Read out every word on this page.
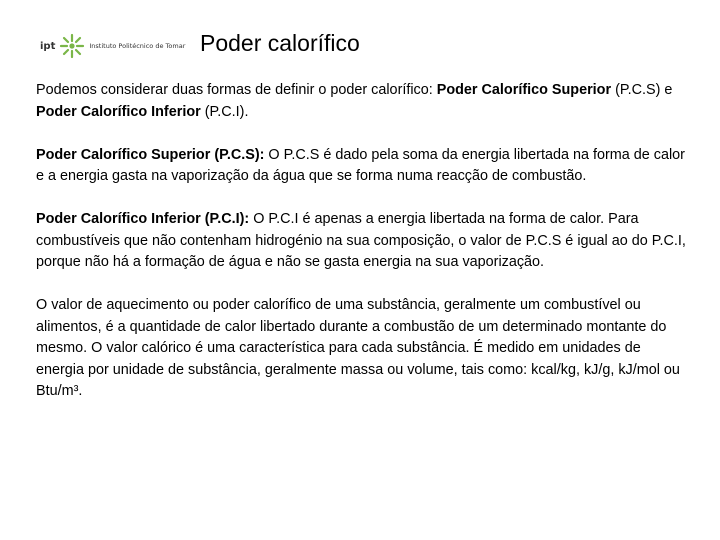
ipt	Instituto Politécnico de Tomar Poder calorífico

Podemos considerar duas formas de definir o poder calorífico: Poder Calorífico Superior (P.C.S) e Poder Calorífico Inferior (P.C.I).

Poder Calorífico Superior (P.C.S): O P.C.S é dado pela soma da energia libertada na forma de calor e a energia gasta na vaporização da água que se forma numa reacção de combustão.

Poder Calorífico Inferior (P.C.I): O P.C.I é apenas a energia libertada na forma de calor. Para combustíveis que não contenham hidrogénio na sua composição, o valor de P.C.S é igual ao do P.C.I, porque não há a formação de água e não se gasta energia na sua vaporização.

O valor de aquecimento ou poder calorífico de uma substância, geralmente um combustível ou alimentos, é a quantidade de calor libertado durante a combustão de um determinado montante do mesmo. O valor calórico é uma característica para cada substância. É medido em unidades de energia por unidade de substância, geralmente massa ou volume, tais como: kcal/kg, kJ/g, kJ/mol ou Btu/m³.
